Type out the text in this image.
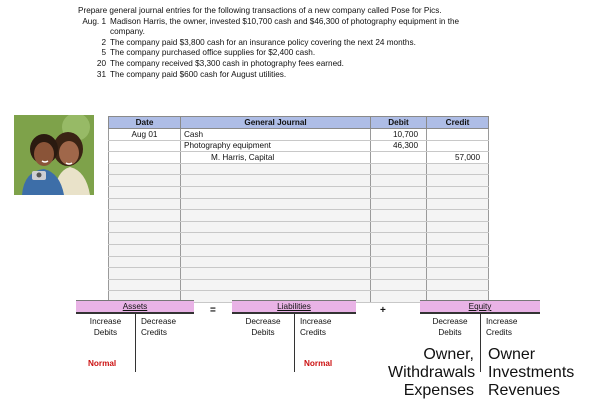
Prepare general journal entries for the following transactions of a new company called Pose for Pics.
Aug. 1 Madison Harris, the owner, invested $10,700 cash and $46,300 of photography equipment in the
company.
2 The company paid $3,800 cash for an insurance policy covering the next 24 months.
5 The company purchased office supplies for $2,400 cash.
20 The company received $3,300 cash in photography fees earned.
31 The company paid $600 cash for August utilities.
Date	General Journal	Debit	Credit
Aug 01	Cash	10,700	
	Photography equipment	46,300	
	M. Harris, Capital		57,000

Assets
Increase
Debits
Decrease
Credits
Normal
=	Liabilities
Decrease
Debits
Increase
Credits
Normal
+	Equity
Decrease
Debits
Increase
Credits
Owner, Withdrawals
Expenses
Owner Investments
Revenues
